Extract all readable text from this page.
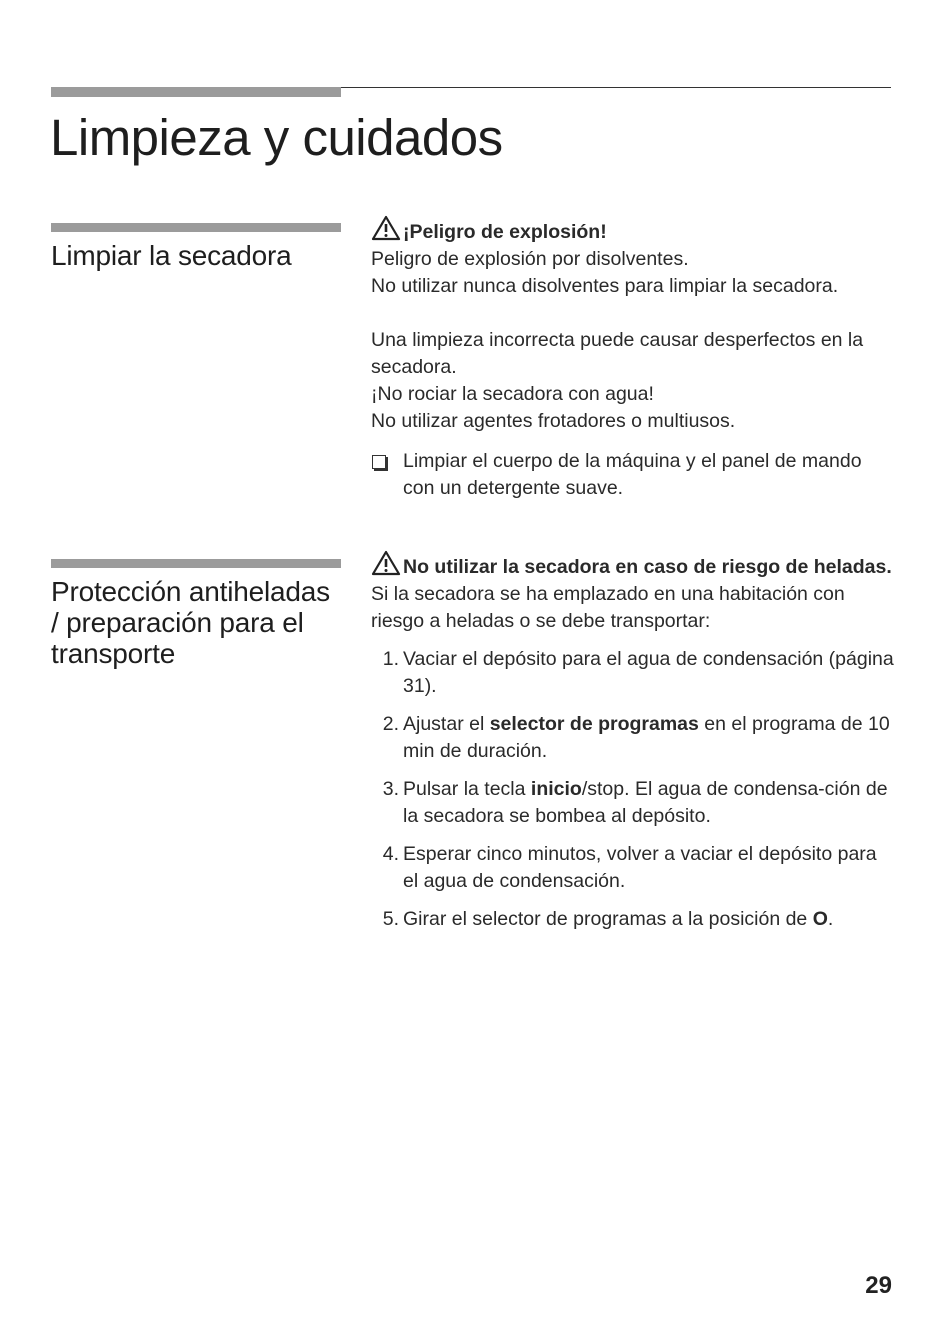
Limpieza y cuidados
Limpiar la secadora

¡Peligro de explosión!

Peligro de explosión por disolventes.

No utilizar nunca disolventes para limpiar la secadora.

Una limpieza incorrecta puede causar desperfectos en la secadora.

¡No rociar la secadora con agua!

No utilizar agentes frotadores o multiusos.

Limpiar el cuerpo de la máquina y el panel de mando con un detergente suave.

Protección antiheladas / preparación para el transporte

No utilizar la secadora en caso de riesgo de heladas.

Si la secadora se ha emplazado en una habitación con riesgo a heladas o se debe transportar:

1. Vaciar el depósito para el agua de condensación (página 31).
2. Ajustar el selector de programas en el programa de 10 min de duración.
3. Pulsar la tecla inicio/stop. El agua de condensa-ción de la secadora se bombea al depósito.
4. Esperar cinco minutos, volver a vaciar el depósito para el agua de condensación.
5. Girar el selector de programas a la posición de O.
29
